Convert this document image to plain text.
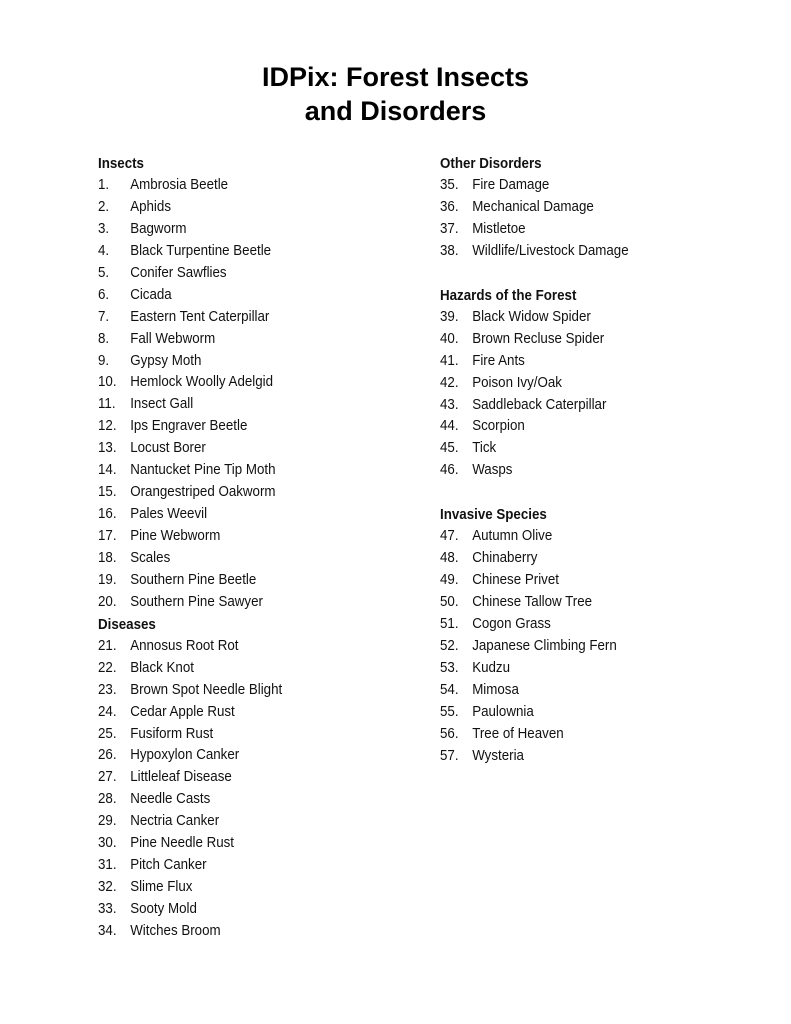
IDPix: Forest Insects
and Disorders
Insects
1. Ambrosia Beetle
2. Aphids
3. Bagworm
4. Black Turpentine Beetle
5. Conifer Sawflies
6. Cicada
7. Eastern Tent Caterpillar
8. Fall Webworm
9. Gypsy Moth
10. Hemlock Woolly Adelgid
11. Insect Gall
12. Ips Engraver Beetle
13. Locust Borer
14. Nantucket Pine Tip Moth
15. Orangestriped Oakworm
16. Pales Weevil
17. Pine Webworm
18. Scales
19. Southern Pine Beetle
20. Southern Pine Sawyer
Diseases
21. Annosus Root Rot
22. Black Knot
23. Brown Spot Needle Blight
24. Cedar Apple Rust
25. Fusiform Rust
26. Hypoxylon Canker
27. Littleleaf Disease
28. Needle Casts
29. Nectria Canker
30. Pine Needle Rust
31. Pitch Canker
32. Slime Flux
33. Sooty Mold
34. Witches Broom
Other Disorders
35. Fire Damage
36. Mechanical Damage
37. Mistletoe
38. Wildlife/Livestock Damage
Hazards of the Forest
39. Black Widow Spider
40. Brown Recluse Spider
41. Fire Ants
42. Poison Ivy/Oak
43. Saddleback Caterpillar
44. Scorpion
45. Tick
46. Wasps
Invasive Species
47. Autumn Olive
48. Chinaberry
49. Chinese Privet
50. Chinese Tallow Tree
51. Cogon Grass
52. Japanese Climbing Fern
53. Kudzu
54. Mimosa
55. Paulownia
56. Tree of Heaven
57. Wysteria
